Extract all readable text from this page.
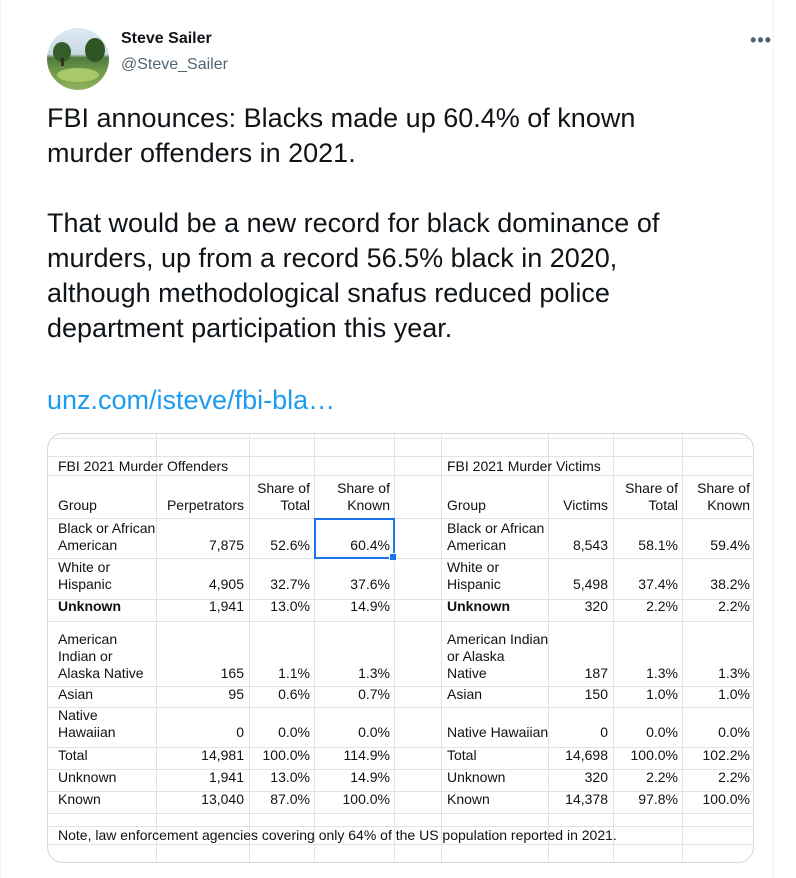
Steve Sailer
@Steve_Sailer
•••

FBI announces: Blacks made up 60.4% of known
murder offenders in 2021.

That would be a new record for black dominance of
murders, up from a record 56.5% black in 2020,
although methodological snafus reduced police
department participation this year.

unz.com/isteve/fbi-bla…
FBI 2021 Murder Offenders
Group	Perpetrators
Share of
Total
Share of
Known
Black or African
American	7,875 52.6%	60.4%
White or
Hispanic	4,905 32.7%	37.6%
Unknown	1,941 13.0%	14.9%
American
Indian or
Alaska Native	165 1.1%	1.3%
Asian	95 0.6%	0.7%
Native
Hawaiian	0 0.0%	0.0%
Total	14,981 100.0% 114.9%
Unknown	1,941 13.0%	14.9%
Known	13,040 87.0% 100.0%
FBI 2021 Murder Victims
Group	Victims
Share of
Total
Share of
Known
Black or African
American	8,543 58.1% 59.4%
White or
Hispanic	5,498 37.4% 38.2%
Unknown	320	2.2%	2.2%
American Indian
or Alaska
Native	187	1.3%	1.3%
Asian	150	1.0%	1.0%
Native Hawaiian	0	0.0%	0.0%
Total	14,698 100.0% 102.2%
Unknown	320	2.2%	2.2%
Known	14,378 97.8% 100.0%
Note, law enforcement agencies covering only 64% of the US population reported in 2021.
